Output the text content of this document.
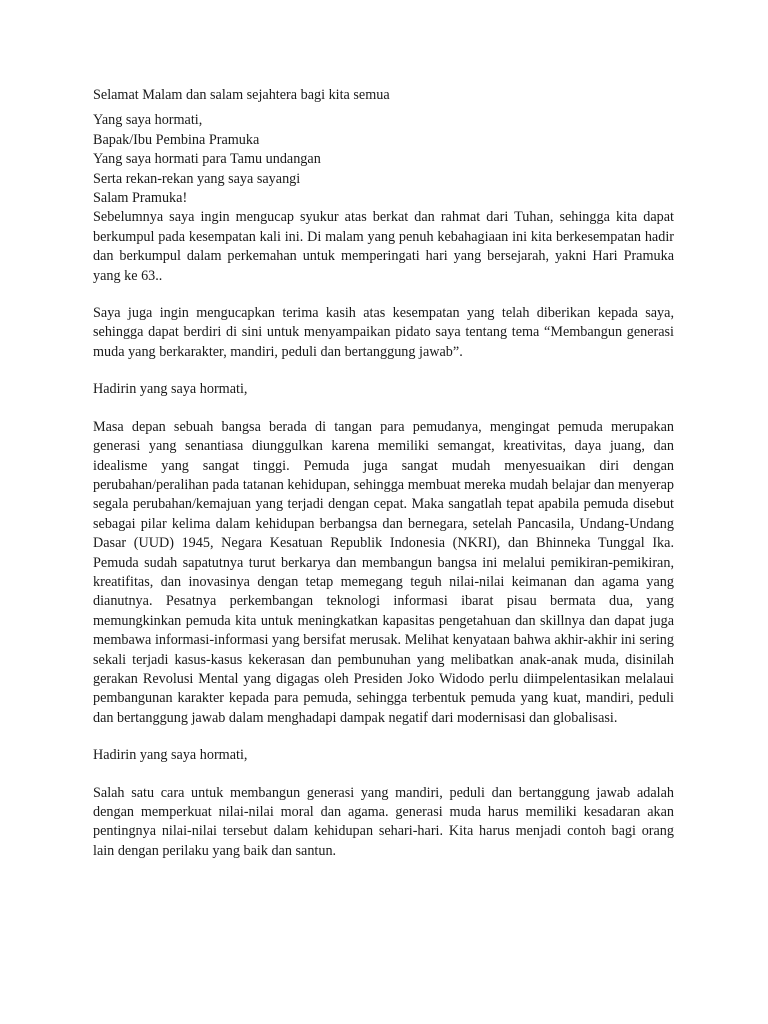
Selamat Malam dan salam sejahtera bagi kita semua

Yang saya hormati,
Bapak/Ibu Pembina Pramuka
Yang saya hormati para Tamu undangan
Serta rekan-rekan yang saya sayangi
Salam Pramuka!

Sebelumnya saya ingin mengucap syukur atas berkat dan rahmat dari Tuhan, sehingga kita dapat berkumpul pada kesempatan kali ini. Di malam yang penuh kebahagiaan ini kita berkesempatan hadir dan berkumpul dalam perkemahan untuk memperingati hari yang bersejarah, yakni Hari Pramuka yang ke 63..

Saya juga ingin mengucapkan terima kasih atas kesempatan yang telah diberikan kepada saya, sehingga dapat berdiri di sini untuk menyampaikan pidato saya tentang tema “Membangun generasi muda yang berkarakter, mandiri, peduli dan bertanggung jawab”.

Hadirin yang saya hormati,

Masa depan sebuah bangsa berada di tangan para pemudanya, mengingat pemuda merupakan generasi yang senantiasa diunggulkan karena memiliki semangat, kreativitas, daya juang, dan idealisme yang sangat tinggi. Pemuda juga sangat mudah menyesuaikan diri dengan perubahan/peralihan pada tatanan kehidupan, sehingga membuat mereka mudah belajar dan menyerap segala perubahan/kemajuan yang terjadi dengan cepat. Maka sangatlah tepat apabila pemuda disebut sebagai pilar kelima dalam kehidupan berbangsa dan bernegara, setelah Pancasila, Undang-Undang Dasar (UUD) 1945, Negara Kesatuan Republik Indonesia (NKRI), dan Bhinneka Tunggal Ika. Pemuda sudah sapatutnya turut berkarya dan membangun bangsa ini melalui pemikiran-pemikiran, kreatifitas, dan inovasinya dengan tetap memegang teguh nilai-nilai keimanan dan agama yang dianutnya. Pesatnya perkembangan teknologi informasi ibarat pisau bermata dua, yang memungkinkan pemuda kita untuk meningkatkan kapasitas pengetahuan dan skillnya dan dapat juga membawa informasi-informasi yang bersifat merusak. Melihat kenyataan bahwa akhir-akhir ini sering sekali terjadi kasus-kasus kekerasan dan pembunuhan yang melibatkan anak-anak muda, disinilah gerakan Revolusi Mental yang digagas oleh Presiden Joko Widodo perlu diimpelentasikan melalaui pembangunan karakter kepada para pemuda, sehingga terbentuk pemuda yang kuat, mandiri, peduli dan bertanggung jawab dalam menghadapi dampak negatif dari modernisasi dan globalisasi.

Hadirin yang saya hormati,

Salah satu cara untuk membangun generasi yang mandiri, peduli dan bertanggung jawab adalah dengan memperkuat nilai-nilai moral dan agama. generasi muda harus memiliki kesadaran akan pentingnya nilai-nilai tersebut dalam kehidupan sehari-hari. Kita harus menjadi contoh bagi orang lain dengan perilaku yang baik dan santun.
